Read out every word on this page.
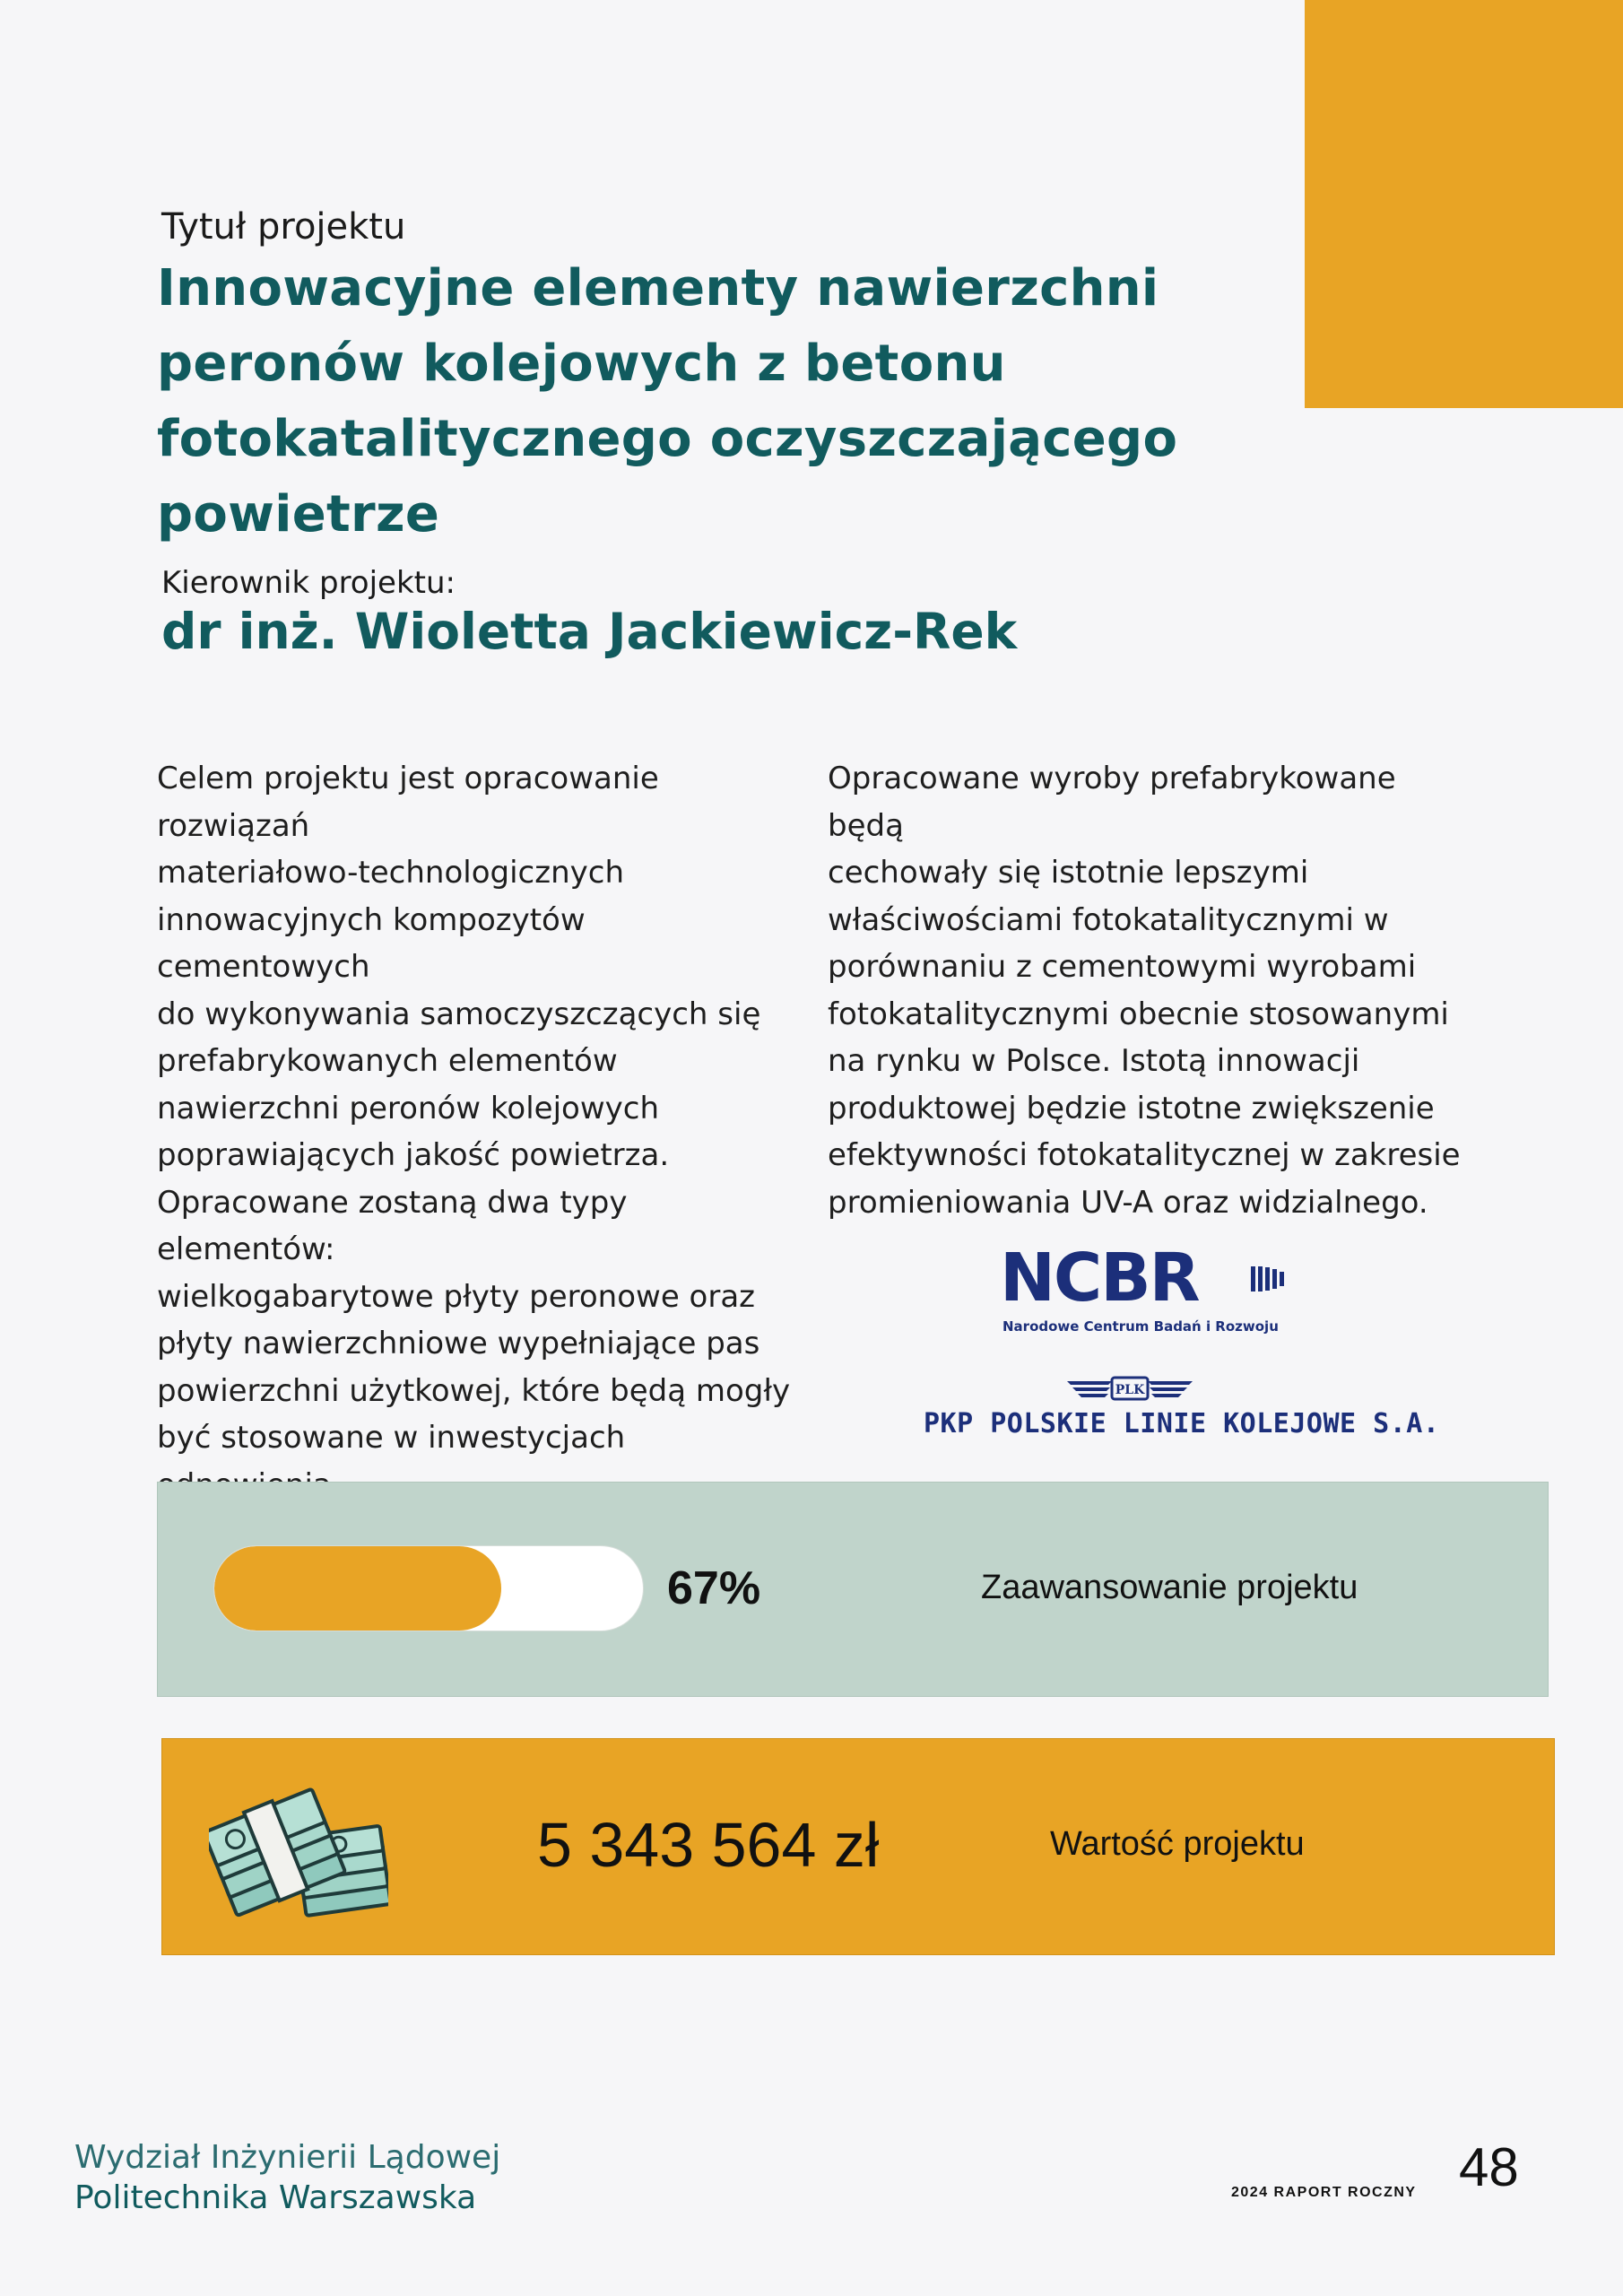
Tytuł projektu
Innowacyjne elementy nawierzchni peronów kolejowych z betonu fotokatalitycznego oczyszczającego powietrze
Kierownik projektu:
dr inż. Wioletta Jackiewicz-Rek
Celem projektu jest opracowanie rozwiązań
materiałowo-technologicznych
innowacyjnych kompozytów cementowych
do wykonywania samoczyszczących się
prefabrykowanych elementów
nawierzchni peronów kolejowych
poprawiających jakość powietrza.
Opracowane zostaną dwa typy elementów:
wielkogabarytowe płyty peronowe oraz
płyty nawierzchniowe wypełniające pas
powierzchni użytkowej, które będą mogły
być stosowane w inwestycjach

Opracowane wyroby prefabrykowane będą
cechowały się istotnie lepszymi
właściwościami fotokatalitycznymi w
porównaniu z cementowymi wyrobami
fotokatalitycznymi obecnie stosowanymi
na rynku w Polsce. Istotą innowacji
produktowej będzie istotne zwiększenie
efektywności fotokatalitycznej w zakresie
promieniowania UV-A oraz widzialnego.
NCBR
Narodowe Centrum Badań i Rozwoju
PLK
PKP POLSKIE LINIE KOLEJOWE S.A.
67%	Zaawansowanie projektu
5 343 564 zł	Wartość projektu
Wydział Inżynierii Lądowej
Politechnika Warszawska	2024 RAPORT ROCZNY 48
